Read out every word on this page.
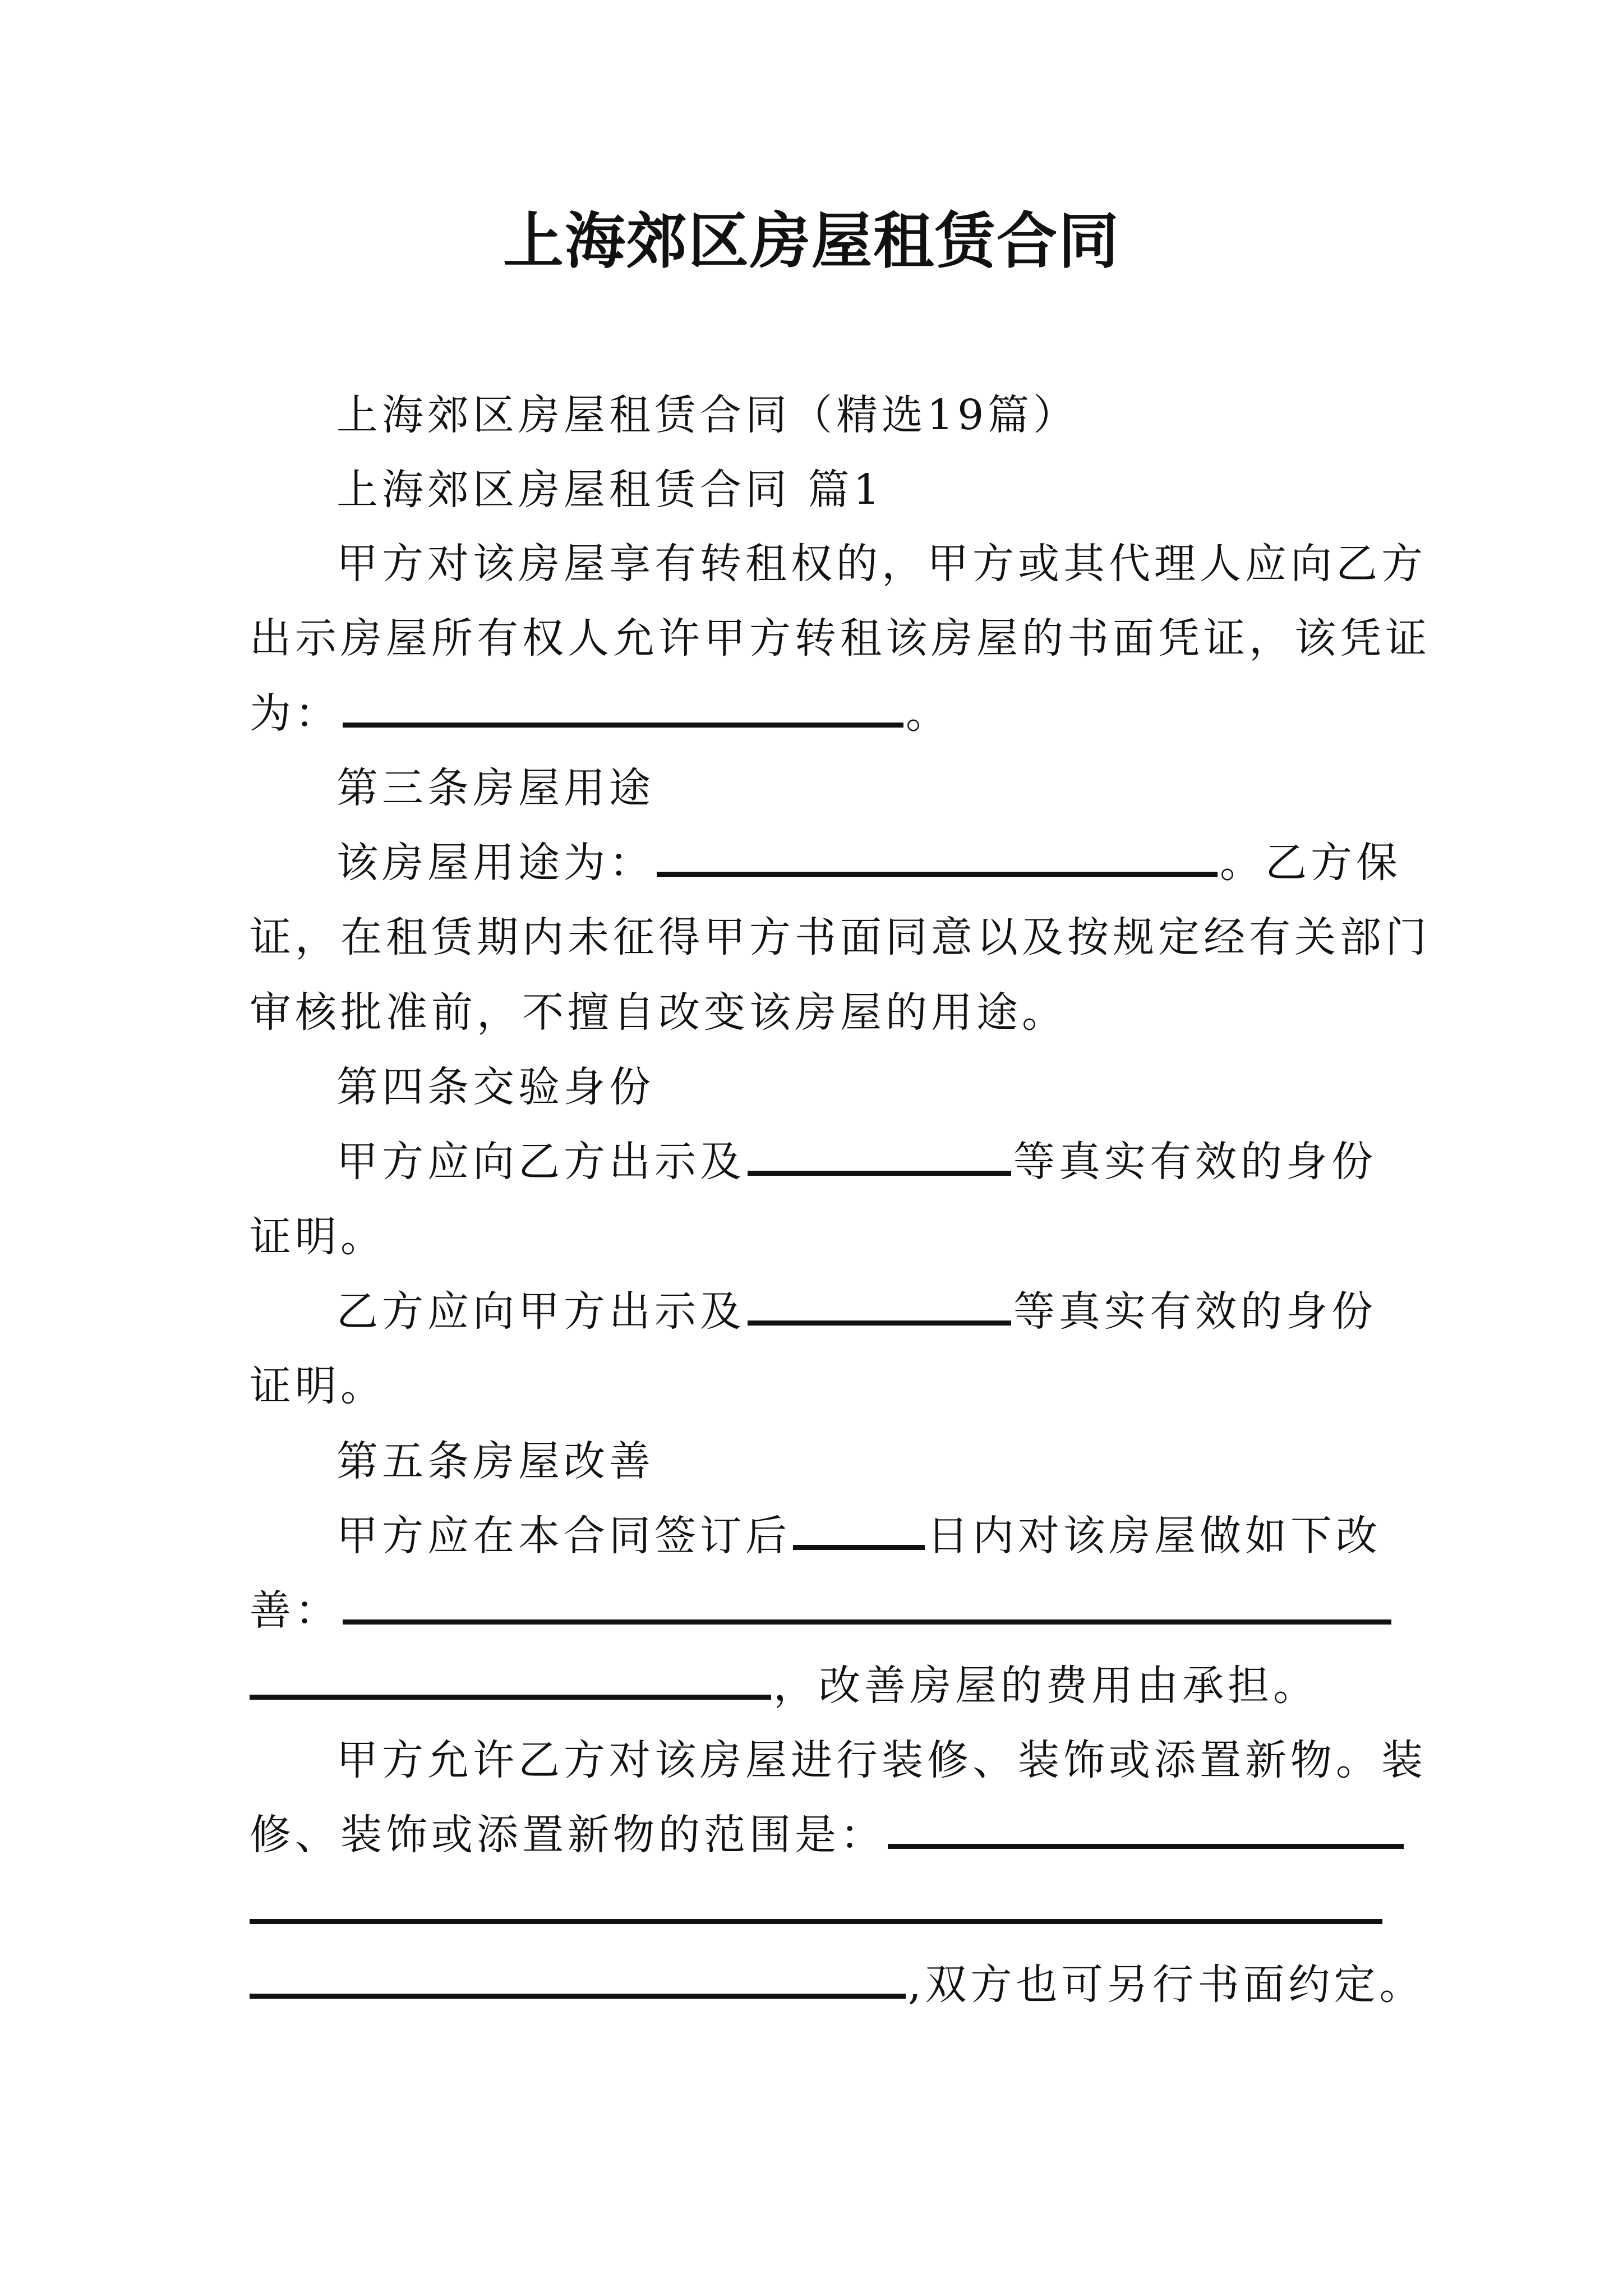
上海郊区房屋租赁合同
上海郊区房屋租赁合同（精选19篇）
上海郊区房屋租赁合同 篇1
甲方对该房屋享有转租权的，甲方或其代理人应向乙方
出示房屋所有权人允许甲方转租该房屋的书面凭证，该凭证
为：	。
第三条房屋用途
该房屋用途为：	。乙方保
证，在租赁期内未征得甲方书面同意以及按规定经有关部门
审核批准前，不擅自改变该房屋的用途。
第四条交验身份
甲方应向乙方出示及	等真实有效的身份
证明。
乙方应向甲方出示及	等真实有效的身份
证明。
第五条房屋改善
甲方应在本合同签订后	日内对该房屋做如下改
善：
，改善房屋的费用由承担。
甲方允许乙方对该房屋进行装修、装饰或添置新物。装
修、装饰或添置新物的范围是：
,双方也可另行书面约定。
